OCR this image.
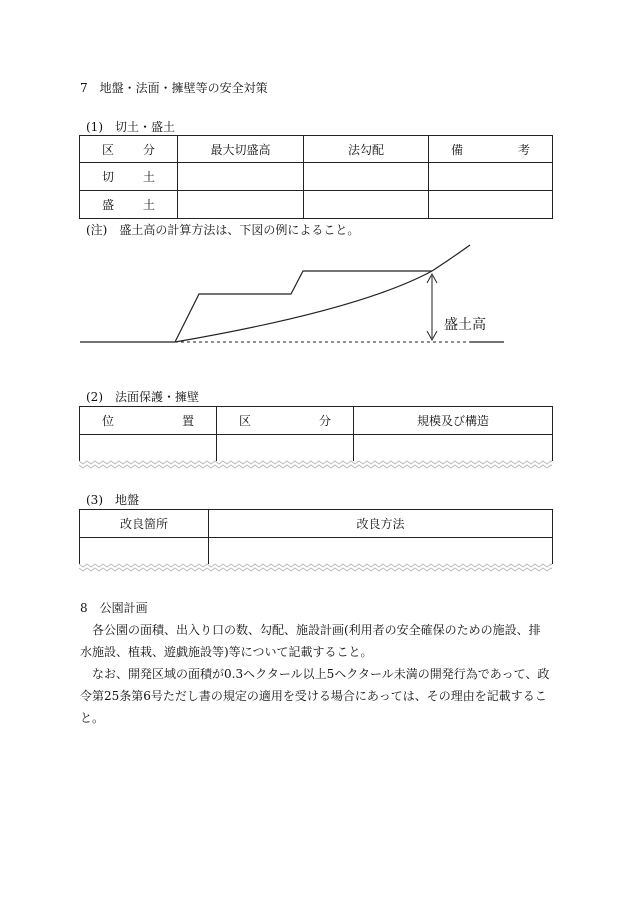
7　地盤・法面・擁壁等の安全対策
(1)　切土・盛土
区 分	最大切盛高	法勾配	備 考

切 土			

盛 土			

(注)　盛土高の計算方法は、下図の例によること。
盛土高
(2)　法面保護・擁壁
位 置	区 分	規模及び構造

(3)　地盤
改良箇所	改良方法

8　公園計画
各公園の面積、出入り口の数、勾配、施設計画(利用者の安全確保のための施設、排水施設、植栽、遊戯施設等)等について記載すること。
なお、開発区域の面積が0.3ヘクタール以上5ヘクタール未満の開発行為であって、政令第25条第6号ただし書の規定の適用を受ける場合にあっては、その理由を記載すること。
